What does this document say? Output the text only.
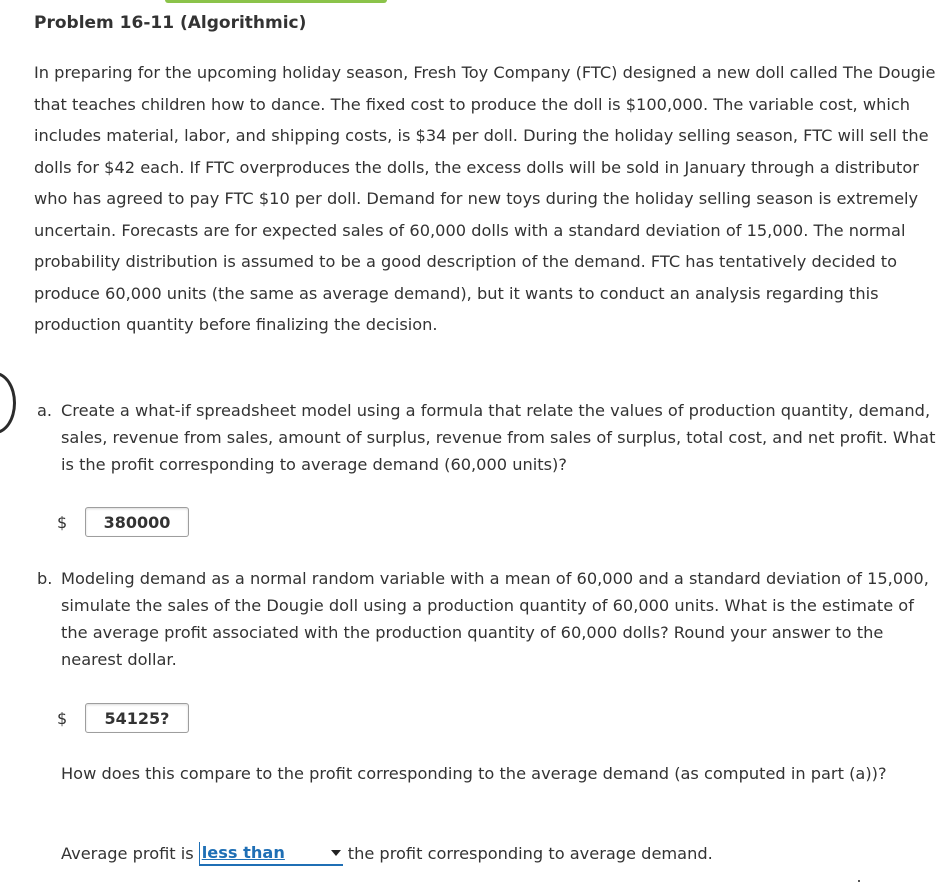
Problem 16-11 (Algorithmic)

In preparing for the upcoming holiday season, Fresh Toy Company (FTC) designed a new doll called The Dougie that teaches children how to dance. The fixed cost to produce the doll is $100,000. The variable cost, which includes material, labor, and shipping costs, is $34 per doll. During the holiday selling season, FTC will sell the dolls for $42 each. If FTC overproduces the dolls, the excess dolls will be sold in January through a distributor who has agreed to pay FTC $10 per doll. Demand for new toys during the holiday selling season is extremely uncertain. Forecasts are for expected sales of 60,000 dolls with a standard deviation of 15,000. The normal probability distribution is assumed to be a good description of the demand. FTC has tentatively decided to produce 60,000 units (the same as average demand), but it wants to conduct an analysis regarding this production quantity before finalizing the decision.

a. Create a what-if spreadsheet model using a formula that relate the values of production quantity, demand, sales, revenue from sales, amount of surplus, revenue from sales of surplus, total cost, and net profit. What is the profit corresponding to average demand (60,000 units)?
$	380000
b. Modeling demand as a normal random variable with a mean of 60,000 and a standard deviation of 15,000, simulate the sales of the Dougie doll using a production quantity of 60,000 units. What is the estimate of the average profit associated with the production quantity of 60,000 dolls? Round your answer to the nearest dollar.
$	54125?

How does this compare to the profit corresponding to the average demand (as computed in part (a))?

Average profit is less than	the profit corresponding to average demand.
